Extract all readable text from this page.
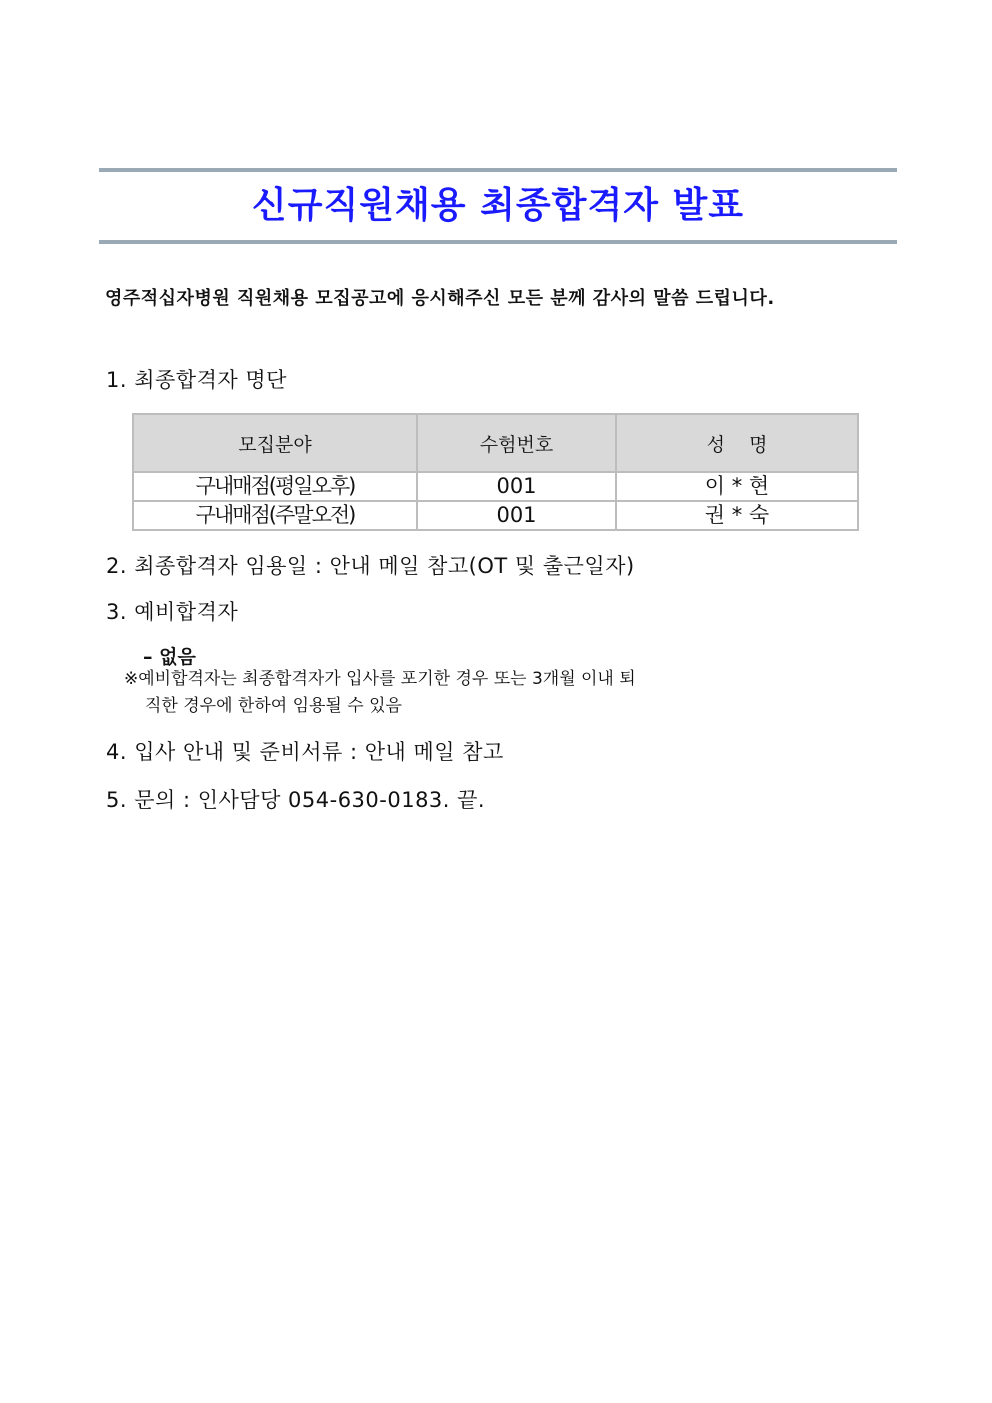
신규직원채용 최종합격자 발표
영주적십자병원 직원채용 모집공고에 응시해주신 모든 분께 감사의 말씀 드립니다.
1. 최종합격자 명단
모집분야	수험번호	성    명
구내매점(평일오후)	001	이 * 현
구내매점(주말오전)	001	권 * 숙
2. 최종합격자 임용일 : 안내 메일 참고(OT 및 출근일자)
3. 예비합격자
– 없음
※예비합격자는 최종합격자가 입사를 포기한 경우 또는 3개월 이내 퇴
직한 경우에 한하여 임용될 수 있음
4. 입사 안내 및 준비서류 : 안내 메일 참고
5. 문의 : 인사담당 054-630-0183. 끝.
